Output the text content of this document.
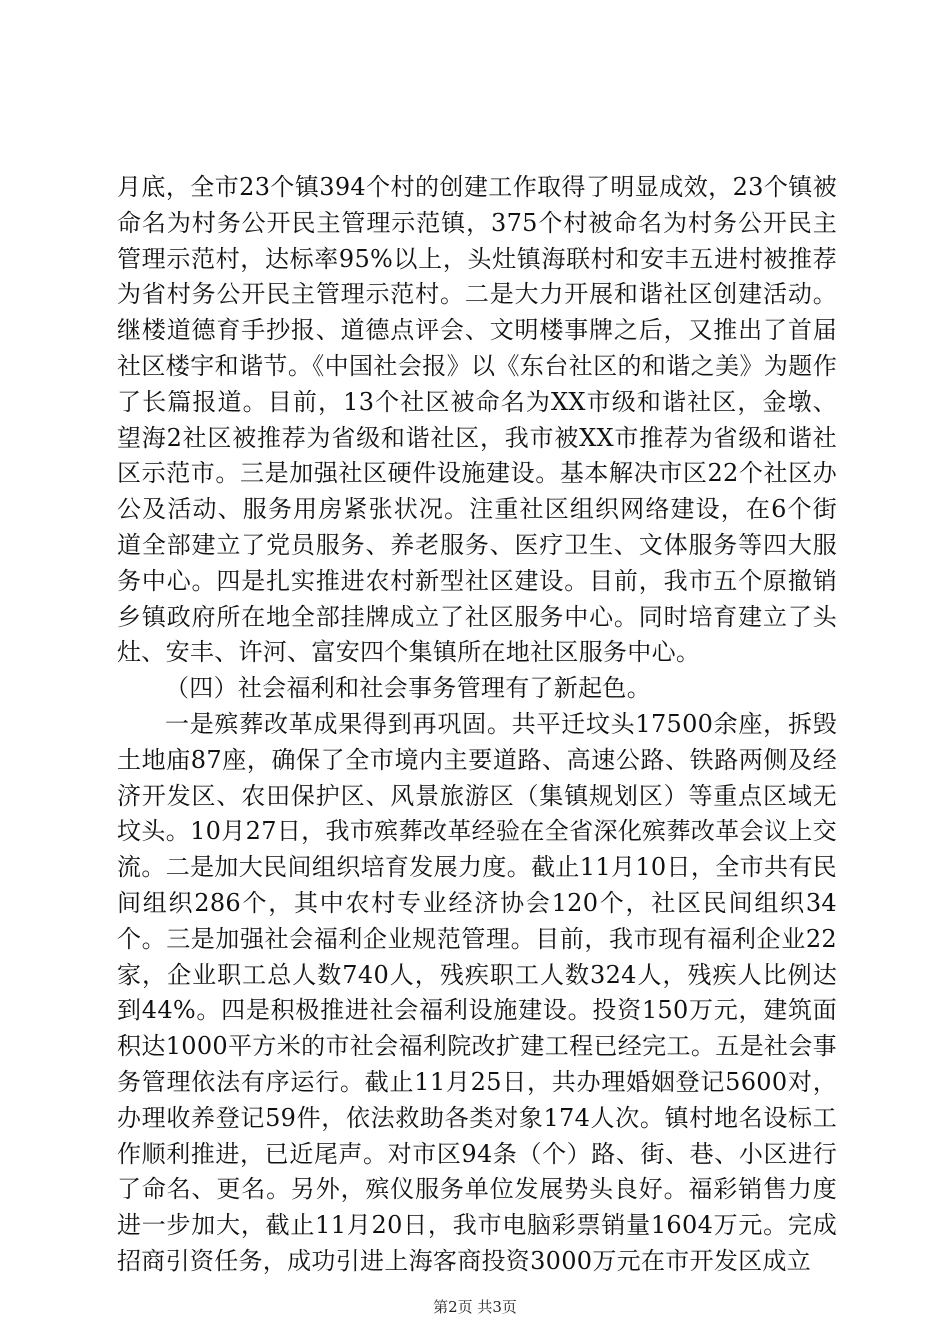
月底，全市23个镇394个村的创建工作取得了明显成效，23个镇被命名为村务公开民主管理示范镇，375个村被命名为村务公开民主管理示范村，达标率95%以上，头灶镇海联村和安丰五进村被推荐为省村务公开民主管理示范村。二是大力开展和谐社区创建活动。继楼道德育手抄报、道德点评会、文明楼事牌之后，又推出了首届社区楼宇和谐节。《中国社会报》以《东台社区的和谐之美》为题作了长篇报道。目前，13个社区被命名为XX市级和谐社区，金墩、望海2社区被推荐为省级和谐社区，我市被XX市推荐为省级和谐社区示范市。三是加强社区硬件设施建设。基本解决市区22个社区办公及活动、服务用房紧张状况。注重社区组织网络建设，在6个街道全部建立了党员服务、养老服务、医疗卫生、文体服务等四大服务中心。四是扎实推进农村新型社区建设。目前，我市五个原撤销乡镇政府所在地全部挂牌成立了社区服务中心。同时培育建立了头灶、安丰、许河、富安四个集镇所在地社区服务中心。

（四）社会福利和社会事务管理有了新起色。

一是殡葬改革成果得到再巩固。共平迁坟头17500余座，拆毁土地庙87座，确保了全市境内主要道路、高速公路、铁路两侧及经济开发区、农田保护区、风景旅游区（集镇规划区）等重点区域无坟头。10月27日，我市殡葬改革经验在全省深化殡葬改革会议上交流。二是加大民间组织培育发展力度。截止11月10日，全市共有民间组织286个，其中农村专业经济协会120个，社区民间组织34个。三是加强社会福利企业规范管理。目前，我市现有福利企业22家，企业职工总人数740人，残疾职工人数324人，残疾人比例达到44%。四是积极推进社会福利设施建设。投资150万元，建筑面积达1000平方米的市社会福利院改扩建工程已经完工。五是社会事务管理依法有序运行。截止11月25日，共办理婚姻登记5600对，办理收养登记59件，依法救助各类对象174人次。镇村地名设标工作顺利推进，已近尾声。对市区94条（个）路、街、巷、小区进行了命名、更名。另外，殡仪服务单位发展势头良好。福彩销售力度进一步加大，截止11月20日，我市电脑彩票销量1604万元。完成招商引资任务，成功引进上海客商投资3000万元在市开发区成立

第2页 共3页
